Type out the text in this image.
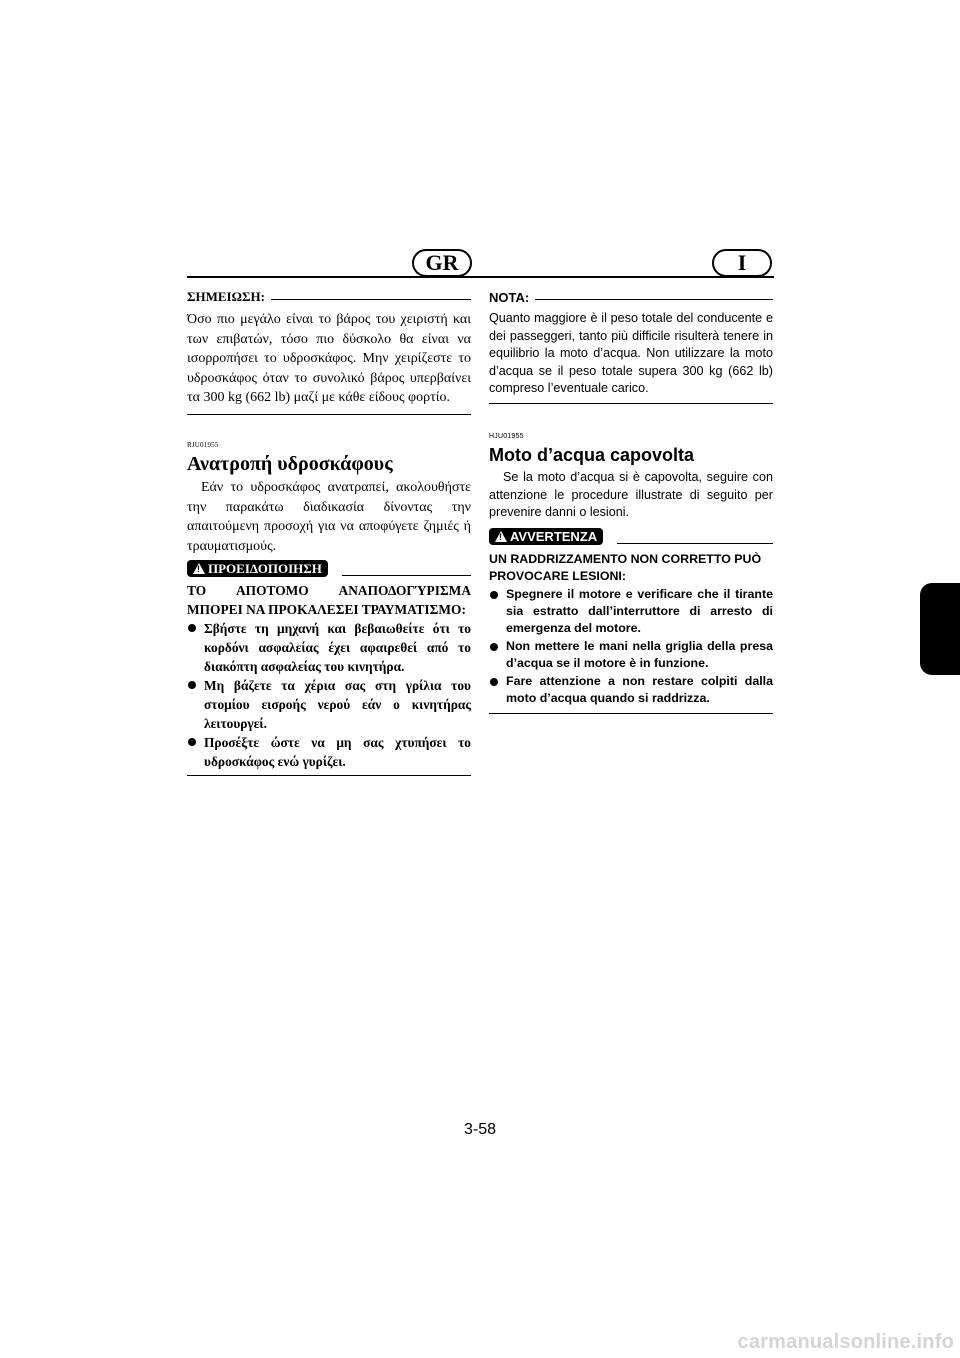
GR	I
ΣΗΜΕΙΩΣΗ:
Όσο πιο μεγάλο είναι το βάρος του χειριστή και των επιβατών, τόσο πιο δύσκολο θα είναι να ισορροπήσει το υδροσκάφος. Μην χειρίζεστε το υδροσκάφος όταν το συνολικό βάρος υπερβαίνει τα 300 kg (662 lb) μαζί με κάθε είδους φορτίο.
RJU01955
Ανατροπή υδροσκάφους
Εάν το υδροσκάφος ανατραπεί, ακολουθήστε την παρακάτω διαδικασία δίνοντας την απαιτούμενη προσοχή για να αποφύγετε ζημιές ή τραυματισμούς.
!
ΠΡΟΕΙΔΟΠΟΙΗΣΗ
ΤΟ ΑΠΟΤΟΜΟ ΑΝΑΠΟΔΟΓΎΡΙΣΜΑ ΜΠΟΡΕΙ ΝΑ ΠΡΟΚΑΛΕΣΕΙ ΤΡΑΥΜΑΤΙΣΜΟ:
Σβήστε τη μηχανή και βεβαιωθείτε ότι το κορδόνι ασφαλείας έχει αφαιρεθεί από το διακόπτη ασφαλείας του κινητήρα.
Μη βάζετε τα χέρια σας στη γρίλια του στομίου εισροής νερού εάν ο κινητήρας λειτουργεί.
Προσέξτε ώστε να μη σας χτυπήσει το υδροσκάφος ενώ γυρίζει.
NOTA:
Quanto maggiore è il peso totale del conducente e dei passeggeri, tanto più difficile risulterà tenere in equilibrio la moto d’acqua. Non utilizzare la moto d’acqua se il peso totale supera 300 kg (662 lb) compreso l’eventuale carico.
HJU01955
Moto d’acqua capovolta
Se la moto d’acqua si è capovolta, seguire con attenzione le procedure illustrate di seguito per prevenire danni o lesioni.
!
AVVERTENZA
UN RADDRIZZAMENTO NON CORRETTO PUÒ PROVOCARE LESIONI:
Spegnere il motore e verificare che il tirante sia estratto dall’interruttore di arresto di emergenza del motore.
Non mettere le mani nella griglia della presa d’acqua se il motore è in funzione.
Fare attenzione a non restare colpiti dalla moto d’acqua quando si raddrizza.
3-58
carmanualsonline.info
